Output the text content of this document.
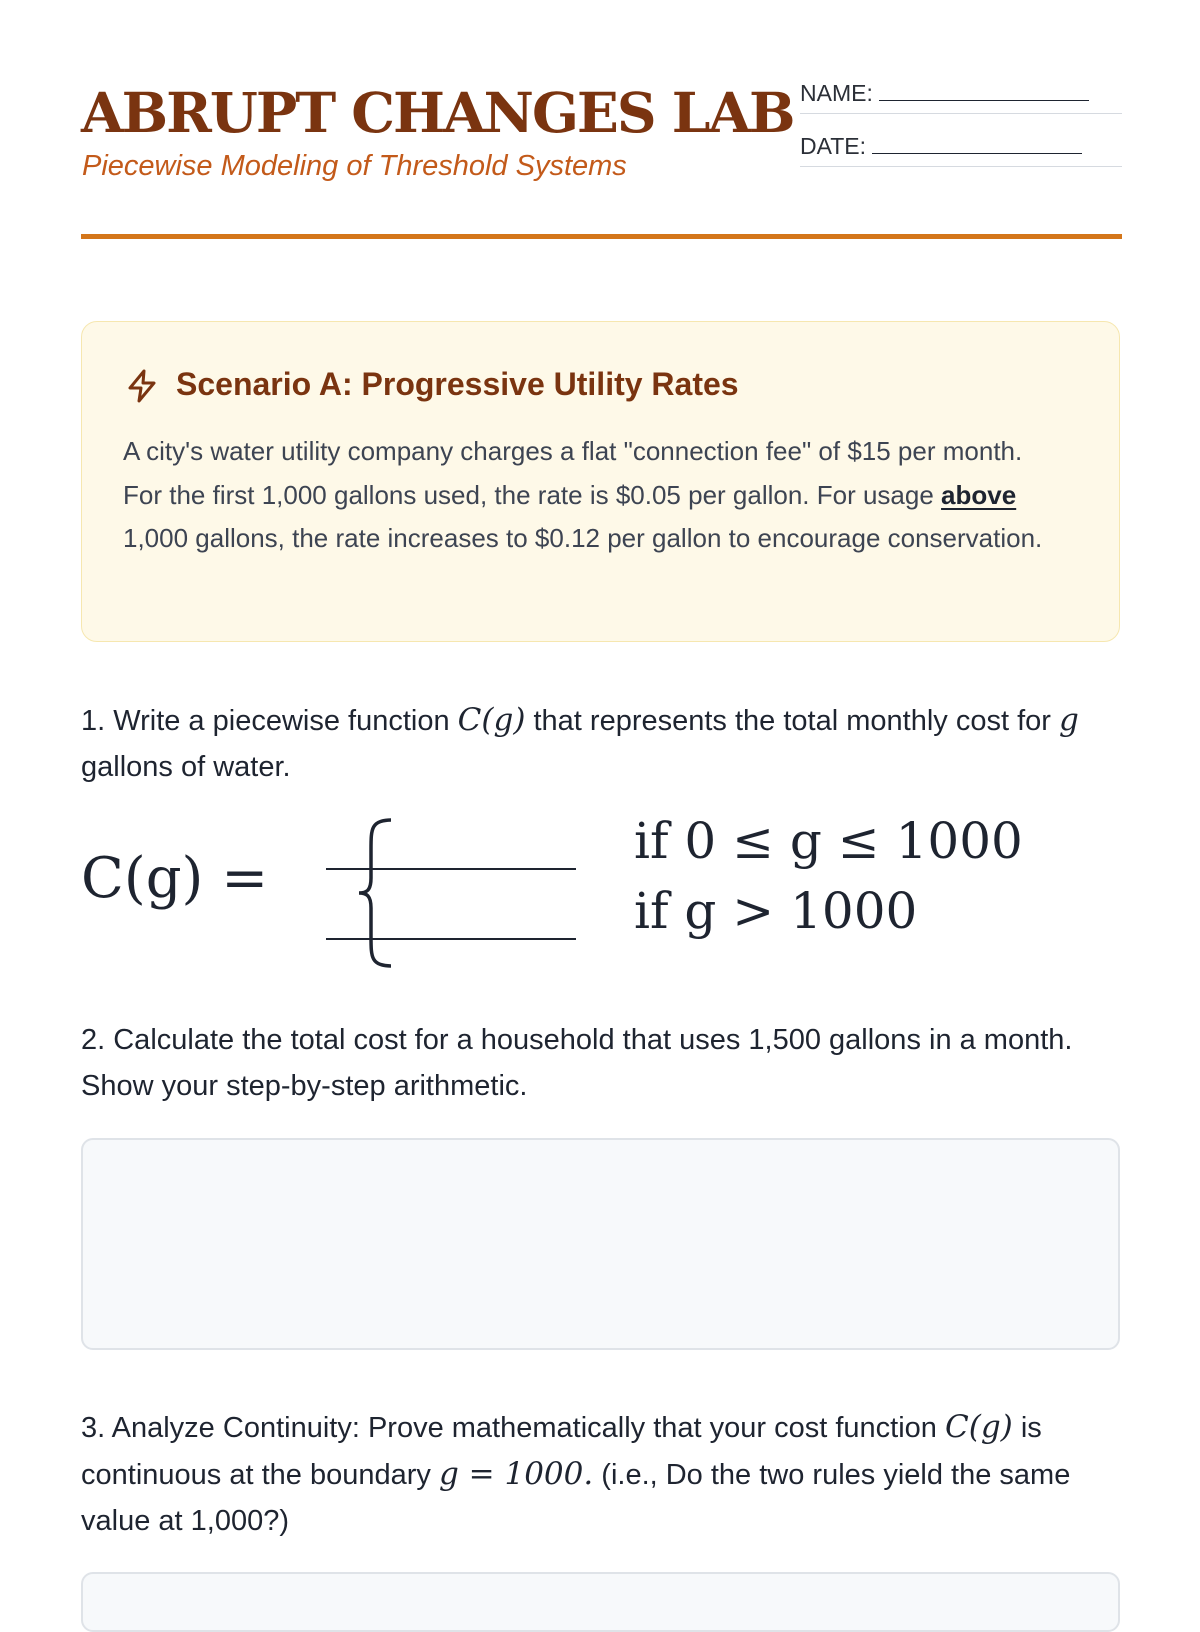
ABRUPT CHANGES LAB
Piecewise Modeling of Threshold Systems
NAME:
DATE:
Scenario A: Progressive Utility Rates

A city's water utility company charges a flat "connection fee" of $15 per month. For the first 1,000 gallons used, the rate is $0.05 per gallon. For usage above 1,000 gallons, the rate increases to $0.12 per gallon to encourage conservation.

1. Write a piecewise function C(g) that represents the total monthly cost for g gallons of water.

C(g) =
if 0 ≤ g ≤ 1000
if g > 1000

2. Calculate the total cost for a household that uses 1,500 gallons in a month. Show your step-by-step arithmetic.

3. Analyze Continuity: Prove mathematically that your cost function C(g) is continuous at the boundary g = 1000. (i.e., Do the two rules yield the same value at 1,000?)
